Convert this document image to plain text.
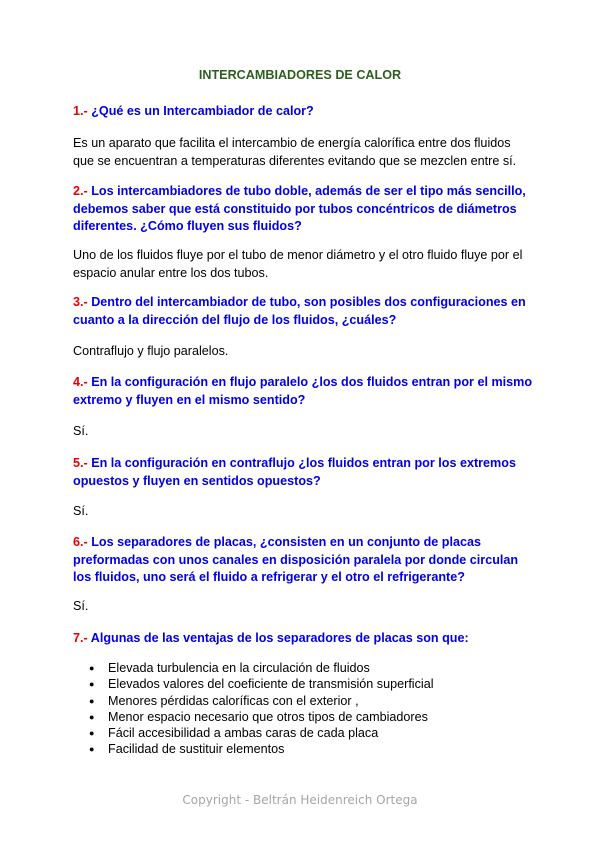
INTERCAMBIADORES DE CALOR
1.- ¿Qué es un Intercambiador de calor?
Es un aparato que facilita el intercambio de energía calorífica entre dos fluidos que se encuentran a temperaturas diferentes evitando que se mezclen entre sí.
2.- Los intercambiadores de tubo doble, además de ser el tipo más sencillo, debemos saber que está constituido por tubos concéntricos de diámetros diferentes. ¿Cómo fluyen sus fluidos?
Uno de los fluidos fluye por el tubo de menor diámetro y el otro fluido fluye por el espacio anular entre los dos tubos.
3.- Dentro del intercambiador de tubo, son posibles dos configuraciones en cuanto a la dirección del flujo de los fluidos, ¿cuáles?
Contraflujo y flujo paralelos.
4.- En la configuración en flujo paralelo ¿los dos fluidos entran por el mismo extremo y fluyen en el mismo sentido?
Sí.
5.- En la configuración en contraflujo ¿los fluidos entran por los extremos opuestos y fluyen en sentidos opuestos?
Sí.
6.- Los separadores de placas, ¿consisten en un conjunto de placas preformadas con unos canales en disposición paralela por donde circulan los fluidos, uno será el fluido a refrigerar y el otro el refrigerante?
Sí.
7.- Algunas de las ventajas de los separadores de placas son que:
● Elevada turbulencia en la circulación de fluidos
● Elevados valores del coeficiente de transmisión superficial
● Menores pérdidas caloríficas con el exterior ,
● Menor espacio necesario que otros tipos de cambiadores
● Fácil accesibilidad a ambas caras de cada placa
● Facilidad de sustituir elementos
Copyright - Beltrán Heidenreich Ortega
